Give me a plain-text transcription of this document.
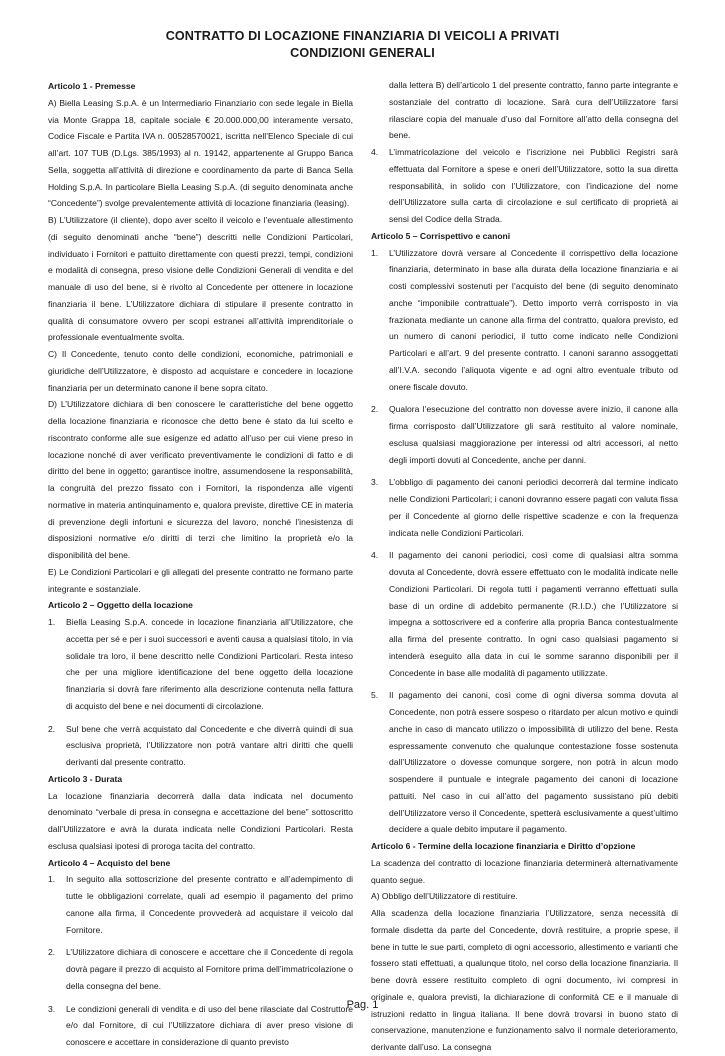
CONTRATTO DI LOCAZIONE FINANZIARIA DI VEICOLI A PRIVATI
CONDIZIONI GENERALI

Articolo 1 - Premesse

A) Biella Leasing S.p.A. è un Intermediario Finanziario con sede legale in Biella via Monte Grappa 18, capitale sociale € 20.000.000,00 interamente versato, Codice Fiscale e Partita IVA n. 00528570021, iscritta nell’Elenco Speciale di cui all’art. 107 TUB (D.Lgs. 385/1993) al n. 19142, appartenente al Gruppo Banca Sella, soggetta all’attività di direzione e coordinamento da parte di Banca Sella Holding S.p.A. In particolare Biella Leasing S.p.A. (di seguito denominata anche “Concedente”) svolge prevalentemente attività di locazione finanziaria (leasing).

B) L’Utilizzatore (il cliente), dopo aver scelto il veicolo e l’eventuale allestimento (di seguito denominati anche “bene”) descritti nelle Condizioni Particolari, individuato i Fornitori e pattuito direttamente con questi prezzi, tempi, condizioni e modalità di consegna, preso visione delle Condizioni Generali di vendita e del manuale di uso del bene, si è rivolto al Concedente per ottenere in locazione finanziaria il bene. L’Utilizzatore dichiara di stipulare il presente contratto in qualità di consumatore ovvero per scopi estranei all’attività imprenditoriale o professionale eventualmente svolta.

C) Il Concedente, tenuto conto delle condizioni, economiche, patrimoniali e giuridiche dell’Utilizzatore, è disposto ad acquistare e concedere in locazione finanziaria per un determinato canone il bene sopra citato.

D) L’Utilizzatore dichiara di ben conoscere le caratteristiche del bene oggetto della locazione finanziaria e riconosce che detto bene è stato da lui scelto e riscontrato conforme alle sue esigenze ed adatto all’uso per cui viene preso in locazione nonché di aver verificato preventivamente le condizioni di fatto e di diritto del bene in oggetto; garantisce inoltre, assumendosene la responsabilità, la congruità del prezzo fissato con i Fornitori, la rispondenza alle vigenti normative in materia antinquinamento e, qualora previste, direttive CE in materia di prevenzione degli infortuni e sicurezza del lavoro, nonché l’inesistenza di disposizioni normative e/o diritti di terzi che limitino la proprietà e/o la disponibilità del bene.

E) Le Condizioni Particolari e gli allegati del presente contratto ne formano parte integrante e sostanziale.

Articolo 2 – Oggetto della locazione

1.	Biella Leasing S.p.A. concede in locazione finanziaria all’Utilizzatore, che accetta per sé e per i suoi successori e aventi causa a qualsiasi titolo, in via solidale tra loro, il bene descritto nelle Condizioni Particolari. Resta inteso che per una migliore identificazione del bene oggetto della locazione finanziaria si dovrà fare riferimento alla descrizione contenuta nella fattura di acquisto del bene e nei documenti di circolazione.
2.	Sul bene che verrà acquistato dal Concedente e che diverrà quindi di sua esclusiva proprietà, l’Utilizzatore non potrà vantare altri diritti che quelli derivanti dal presente contratto.

Articolo 3 - Durata

La locazione finanziaria decorrerà dalla data indicata nel documento denominato “verbale di presa in consegna e accettazione del bene” sottoscritto dall’Utilizzatore e avrà la durata indicata nelle Condizioni Particolari. Resta esclusa qualsiasi ipotesi di proroga tacita del contratto.

Articolo 4 – Acquisto del bene

1.	In seguito alla sottoscrizione del presente contratto e all’adempimento di tutte le obbligazioni correlate, quali ad esempio il pagamento del primo canone alla firma, il Concedente provvederà ad acquistare il veicolo dal Fornitore.
2.	L’Utilizzatore dichiara di conoscere e accettare che il Concedente di regola dovrà pagare il prezzo di acquisto al Fornitore prima dell’immatricolazione o della consegna del bene.
3.	Le condizioni generali di vendita e di uso del bene rilasciate dal Costruttore e/o dal Fornitore, di cui l’Utilizzatore dichiara di aver preso visione di conoscere e accettare in considerazione di quanto previsto
dalla lettera B) dell’articolo 1 del presente contratto, fanno parte integrante e sostanziale del contratto di locazione. Sarà cura dell’Utilizzatore farsi rilasciare copia del manuale d’uso dal Fornitore all’atto della consegna del bene.
4.	L’immatricolazione del veicolo e l’iscrizione nei Pubblici Registri sarà effettuata dal Fornitore a spese e oneri dell’Utilizzatore, sotto la sua diretta responsabilità, in solido con l’Utilizzatore, con l’indicazione del nome dell’Utilizzatore sulla carta di circolazione e sul certificato di proprietà ai sensi del Codice della Strada.

Articolo 5 – Corrispettivo e canoni

1.	L’Utilizzatore dovrà versare al Concedente il corrispettivo della locazione finanziaria, determinato in base alla durata della locazione finanziaria e ai costi complessivi sostenuti per l’acquisto del bene (di seguito denominato anche “imponibile contrattuale”). Detto importo verrà corrisposto in via frazionata mediante un canone alla firma del contratto, qualora previsto, ed un numero di canoni periodici, il tutto come indicato nelle Condizioni Particolari e all’art. 9 del presente contratto. I canoni saranno assoggettati all’I.V.A. secondo l’aliquota vigente e ad ogni altro eventuale tributo od onere fiscale dovuto.
2.	Qualora l’esecuzione del contratto non dovesse avere inizio, il canone alla firma corrisposto dall’Utilizzatore gli sarà restituito al valore nominale, esclusa qualsiasi maggiorazione per interessi od altri accessori, al netto degli importi dovuti al Concedente, anche per danni.
3.	L’obbligo di pagamento dei canoni periodici decorrerà dal termine indicato nelle Condizioni Particolari; i canoni dovranno essere pagati con valuta fissa per il Concedente al giorno delle rispettive scadenze e con la frequenza indicata nelle Condizioni Particolari.
4.	Il pagamento dei canoni periodici, così come di qualsiasi altra somma dovuta al Concedente, dovrà essere effettuato con le modalità indicate nelle Condizioni Particolari. Di regola tutti i pagamenti verranno effettuati sulla base di un ordine di addebito permanente (R.I.D.) che l’Utilizzatore si impegna a sottoscrivere ed a conferire alla propria Banca contestualmente alla firma del presente contratto. In ogni caso qualsiasi pagamento si intenderà eseguito alla data in cui le somme saranno disponibili per il Concedente in base alle modalità di pagamento utilizzate.
5.	Il pagamento dei canoni, così come di ogni diversa somma dovuta al Concedente, non potrà essere sospeso o ritardato per alcun motivo e quindi anche in caso di mancato utilizzo o impossibilità di utilizzo del bene. Resta espressamente convenuto che qualunque contestazione fosse sostenuta dall’Utilizzatore o dovesse comunque sorgere, non potrà in alcun modo sospendere il puntuale e integrale pagamento dei canoni di locazione pattuiti. Nel caso in cui all’atto del pagamento sussistano più debiti dell’Utilizzatore verso il Concedente, spetterà esclusivamente a quest’ultimo decidere a quale debito imputare il pagamento.

Articolo 6 - Termine della locazione finanziaria e Diritto d’opzione

La scadenza del contratto di locazione finanziaria determinerà alternativamente quanto segue.

A) Obbligo dell’Utilizzatore di restituire.

Alla scadenza della locazione finanziaria l’Utilizzatore, senza necessità di formale disdetta da parte del Concedente, dovrà restituire, a proprie spese, il bene in tutte le sue parti, completo di ogni accessorio, allestimento e varianti che fossero stati effettuati, a qualunque titolo, nel corso della locazione finanziaria. Il bene dovrà essere restituito completo di ogni documento, ivi compresi in originale e, qualora previsti, la dichiarazione di conformità CE e il manuale di istruzioni redatto in lingua italiana. Il bene dovrà trovarsi in buono stato di conservazione, manutenzione e funzionamento salvo il normale deterioramento, derivante dall’uso. La consegna

Pag. 1
